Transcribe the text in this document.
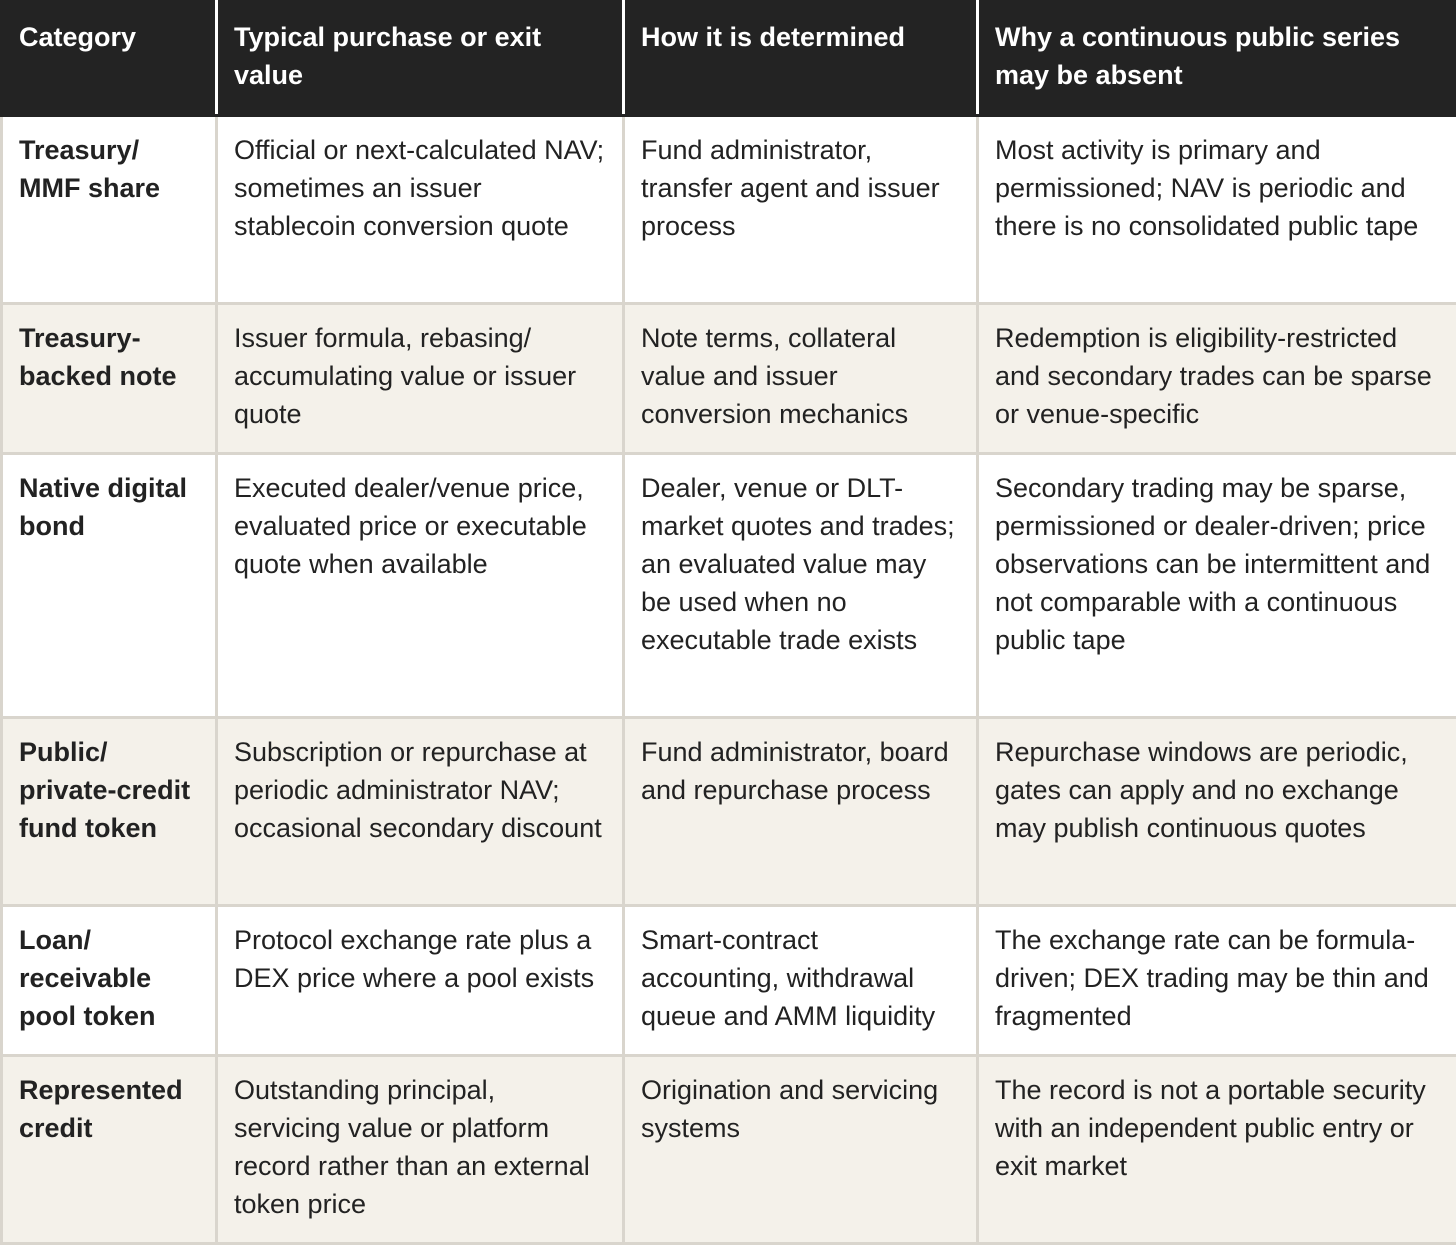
Category	Typical purchase or exit value	How it is determined	Why a continuous public series may be absent
Treasury/ MMF share	Official or next-calculated NAV; sometimes an issuer stablecoin conversion quote	Fund administrator, transfer agent and issuer process	Most activity is primary and permissioned; NAV is periodic and there is no consolidated public tape
Treasury-backed note	Issuer formula, rebasing/ accumulating value or issuer quote	Note terms, collateral value and issuer conversion mechanics	Redemption is eligibility-restricted and secondary trades can be sparse or venue-specific
Native digital bond	Executed dealer/venue price, evaluated price or executable quote when available	Dealer, venue or DLT-market quotes and trades; an evaluated value may be used when no executable trade exists	Secondary trading may be sparse, permissioned or dealer-driven; price observations can be intermittent and not comparable with a continuous public tape
Public/ private-credit fund token	Subscription or repurchase at periodic administrator NAV; occasional secondary discount	Fund administrator, board and repurchase process	Repurchase windows are periodic, gates can apply and no exchange may publish continuous quotes
Loan/ receivable pool token	Protocol exchange rate plus a DEX price where a pool exists	Smart-contract accounting, withdrawal queue and AMM liquidity	The exchange rate can be formula-driven; DEX trading may be thin and fragmented
Represented credit	Outstanding principal, servicing value or platform record rather than an external token price	Origination and servicing systems	The record is not a portable security with an independent public entry or exit market
